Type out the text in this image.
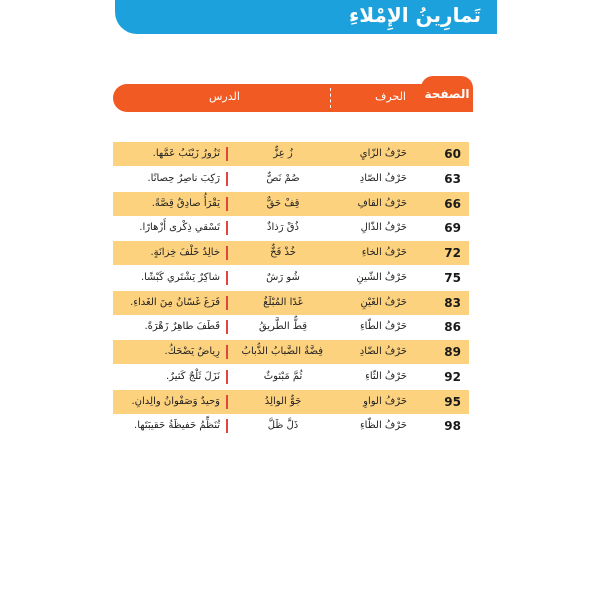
تَمارِينُ الإِمْلاءِ
الدرس	الحرف الصفحة
60
حَرْفُ الزّايِ
زُ عِزٌّ
تَزُورُ زَيْنَبُ عَمَّها.
63
حَرْفُ الصّادِ
صُمْ نَصٌّ
رَكِبَ ناصِرٌ حِصانًا.
66
حَرْفُ القافِ
قِفْ حَقٌّ
يَقْرَأُ صادِقٌ قِصَّةً.
69
حَرْفُ الذّالِ
ذُقْ رَذاذٌ
تَسْقي ذِكْرى أَزْهارًا.
72
حَرْفُ الخاءِ
خُذْ فَخٌّ
خالِدٌ خَلْفَ خِزانَةٍ.
75
حَرْفُ الشّينِ
شُو رَشٌ
شاكِرٌ يَشْتَري كَبْشًا.
83
حَرْفُ الغَيْنِ
غَدًا المُبْلَغُ
فَرَغَ غَسّانُ مِنَ الغَداءِ.
86
حَرْفُ الطّاءِ
قِطٌّ الطَّريقُ
قَطَفَ طاهِرٌ زَهْرَةً.
89
حَرْفُ الضّادِ
فِضَّةٌ الضَّبابُ الذُّبابُ
رِياضٌ يَضْحَكُ.
92
حَرْفُ الثّاءِ
ثُمَّ مَبْثوثٌ
نَزَلَ ثَلْجٌ كَثيرٌ.
95
حَرْفُ الواوِ
جَوٌّ الوالِدُ
وَحيدٌ وَصَفْوانُ والِدانِ.
98
حَرْفُ الظّاءِ
ذَلَّ ظَلَّ
تُنَظِّمُ حَفيظَةُ حَقيبَتَها.
